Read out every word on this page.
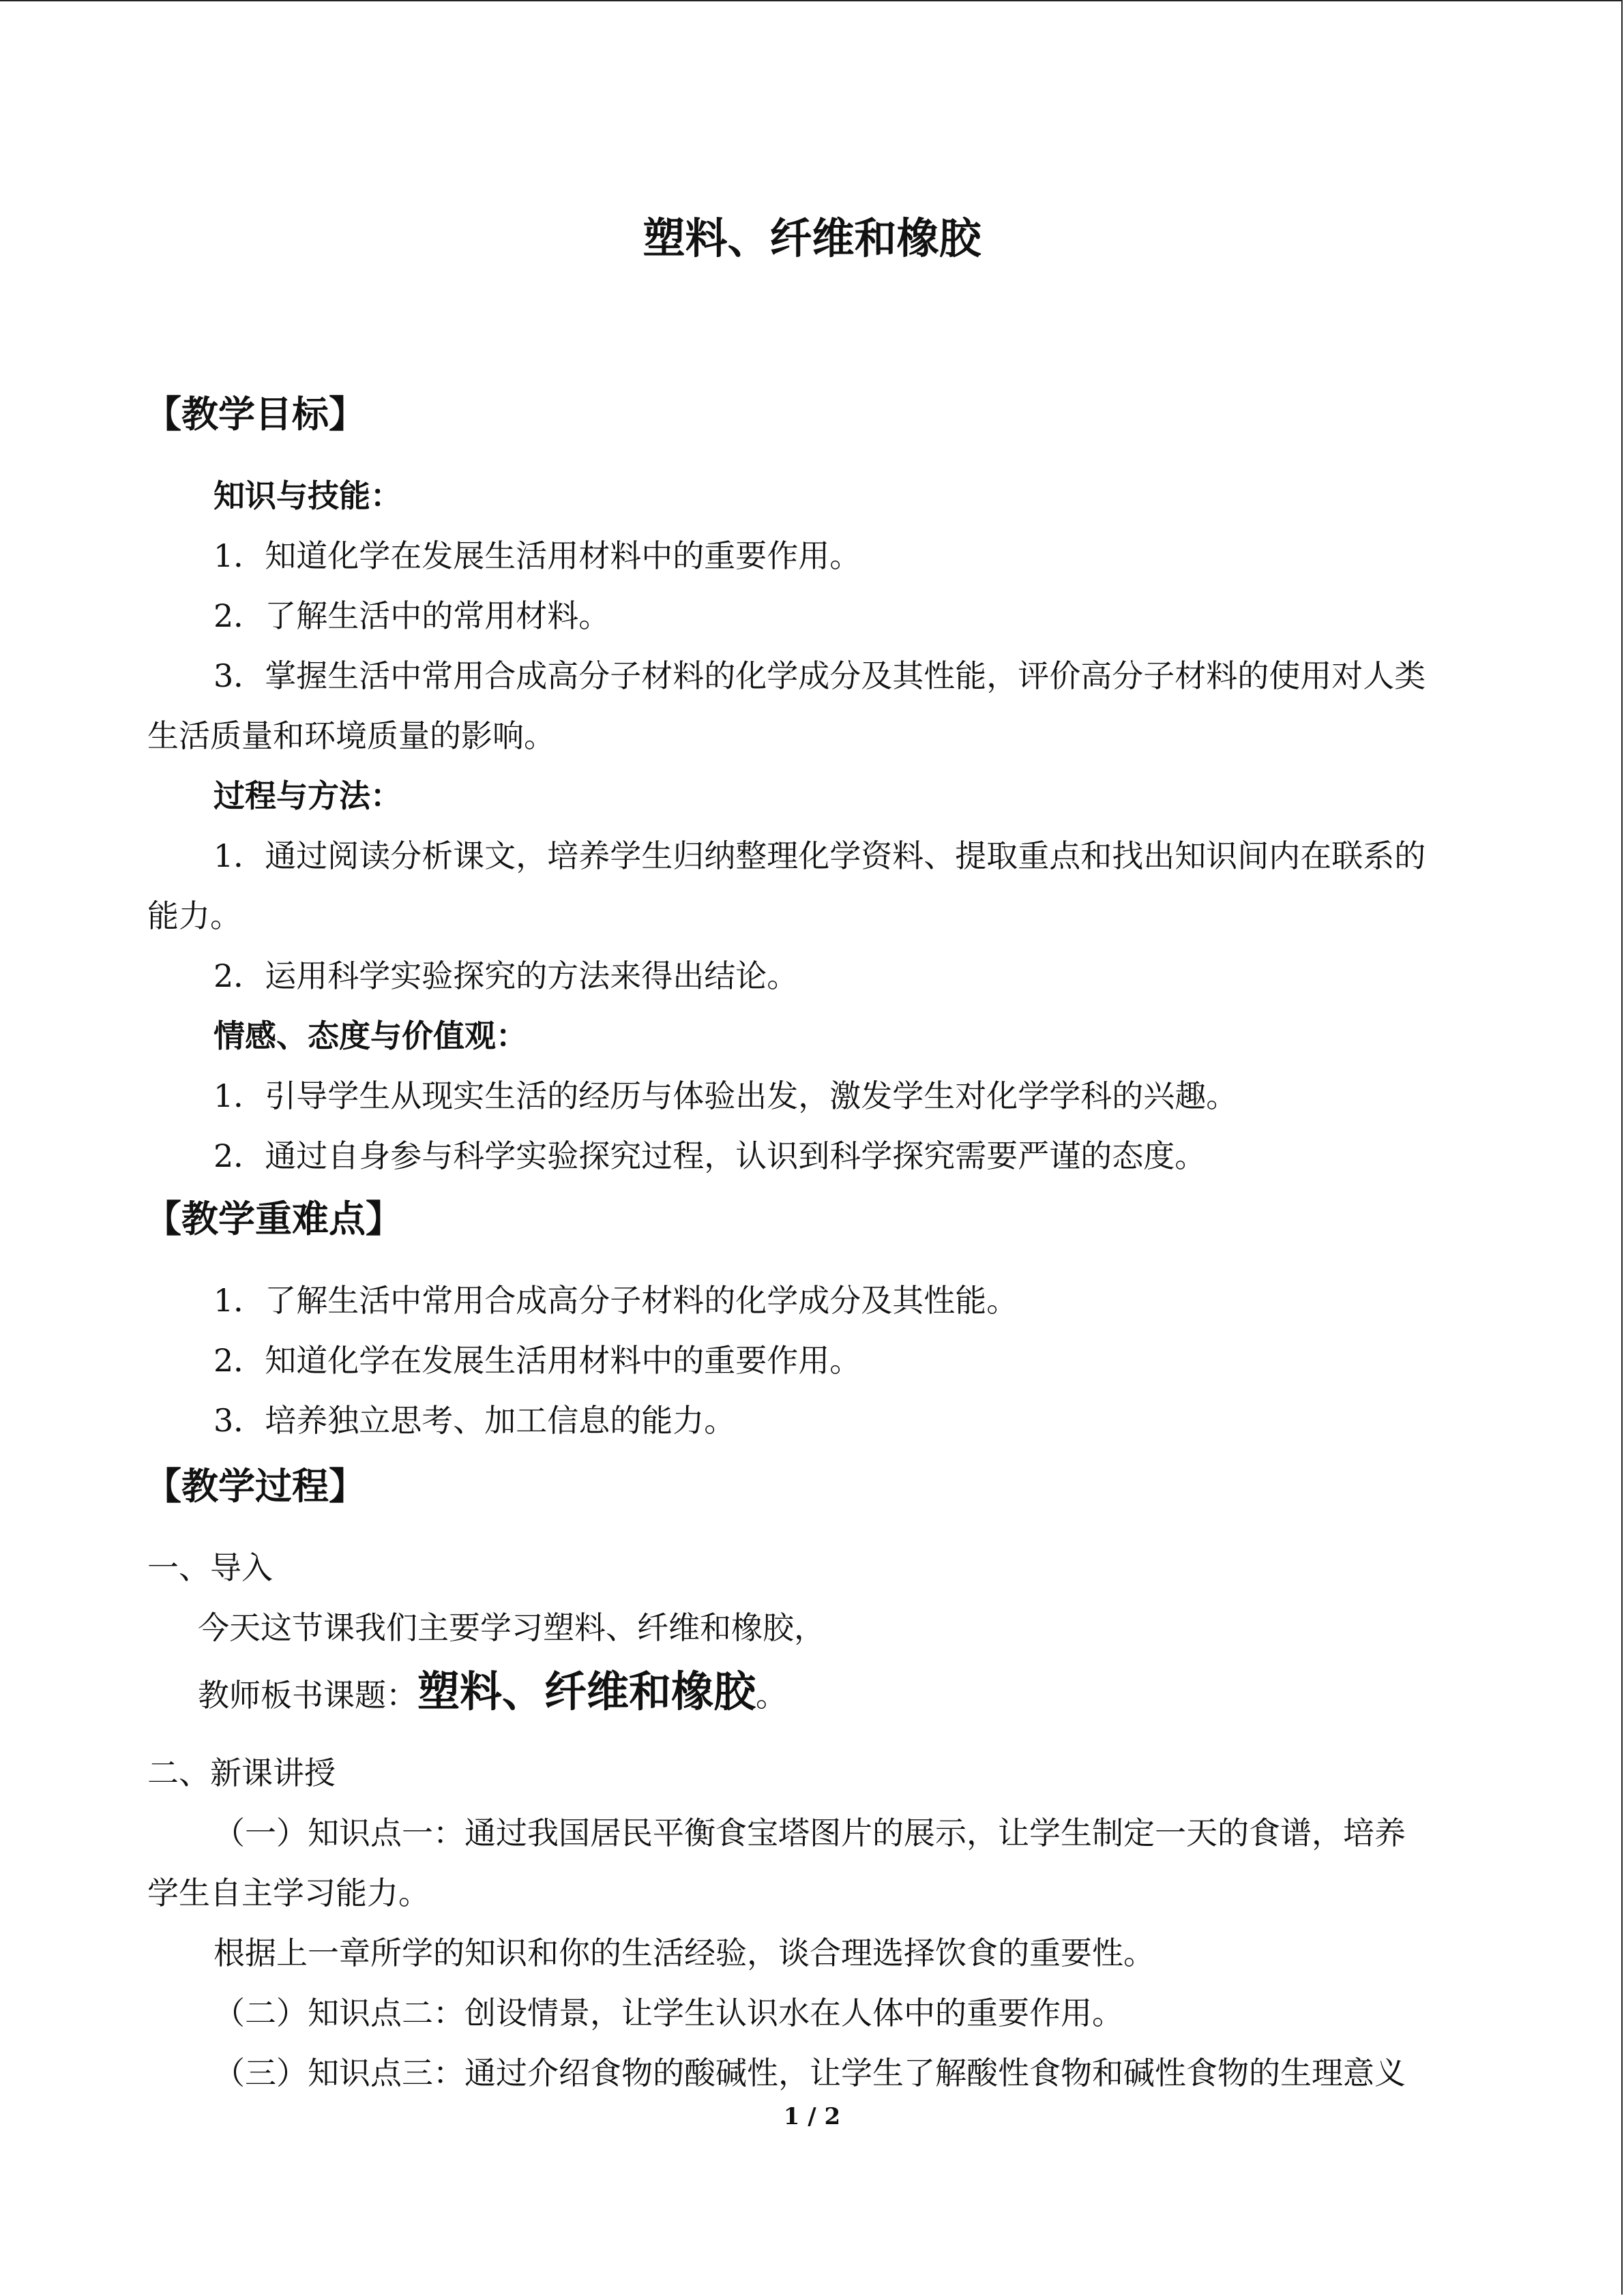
塑料、纤维和橡胶
【教学目标】
知识与技能：
1．知道化学在发展生活用材料中的重要作用。
2．了解生活中的常用材料。
3．掌握生活中常用合成高分子材料的化学成分及其性能，评价高分子材料的使用对人类
生活质量和环境质量的影响。
过程与方法：
1．通过阅读分析课文，培养学生归纳整理化学资料、提取重点和找出知识间内在联系的
能力。
2．运用科学实验探究的方法来得出结论。
情感、态度与价值观：
1．引导学生从现实生活的经历与体验出发，激发学生对化学学科的兴趣。
2．通过自身参与科学实验探究过程，认识到科学探究需要严谨的态度。
【教学重难点】
1．了解生活中常用合成高分子材料的化学成分及其性能。
2．知道化学在发展生活用材料中的重要作用。
3．培养独立思考、加工信息的能力。
【教学过程】
一、导入
今天这节课我们主要学习塑料、纤维和橡胶，
教师板书课题：塑料、纤维和橡胶。
二、新课讲授
（一）知识点一：通过我国居民平衡食宝塔图片的展示，让学生制定一天的食谱，培养
学生自主学习能力。
根据上一章所学的知识和你的生活经验，谈合理选择饮食的重要性。
（二）知识点二：创设情景，让学生认识水在人体中的重要作用。
（三）知识点三：通过介绍食物的酸碱性，让学生了解酸性食物和碱性食物的生理意义
1 / 2
